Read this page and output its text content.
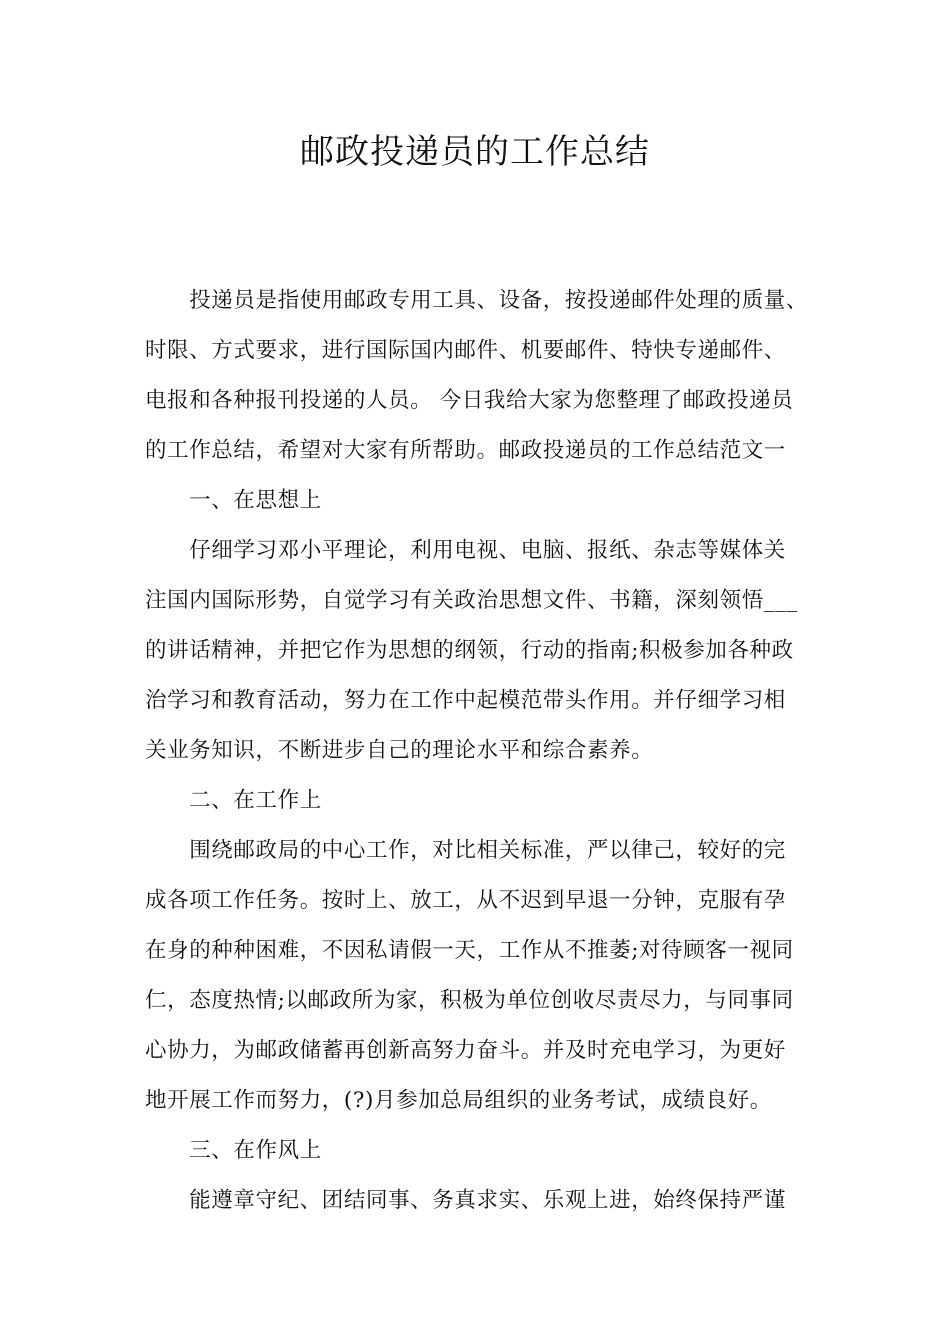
邮政投递员的工作总结
　　投递员是指使用邮政专用工具、设备，按投递邮件处理的质量、
时限、方式要求，进行国际国内邮件、机要邮件、特快专递邮件、
电报和各种报刊投递的人员。 今日我给大家为您整理了邮政投递员
的工作总结，希望对大家有所帮助。邮政投递员的工作总结范文一
　　一、在思想上
　　仔细学习邓小平理论，利用电视、电脑、报纸、杂志等媒体关
注国内国际形势，自觉学习有关政治思想文件、书籍，深刻领悟___
的讲话精神，并把它作为思想的纲领，行动的指南;积极参加各种政
治学习和教育活动，努力在工作中起模范带头作用。并仔细学习相
关业务知识，不断进步自己的理论水平和综合素养。
　　二、在工作上
　　围绕邮政局的中心工作，对比相关标准，严以律己，较好的完
成各项工作任务。按时上、放工，从不迟到早退一分钟，克服有孕
在身的种种困难，不因私请假一天，工作从不推萎;对待顾客一视同
仁，态度热情;以邮政所为家，积极为单位创收尽责尽力，与同事同
心协力，为邮政储蓄再创新高努力奋斗。并及时充电学习，为更好
地开展工作而努力，(?)月参加总局组织的业务考试，成绩良好。
　　三、在作风上
　　能遵章守纪、团结同事、务真求实、乐观上进，始终保持严谨
